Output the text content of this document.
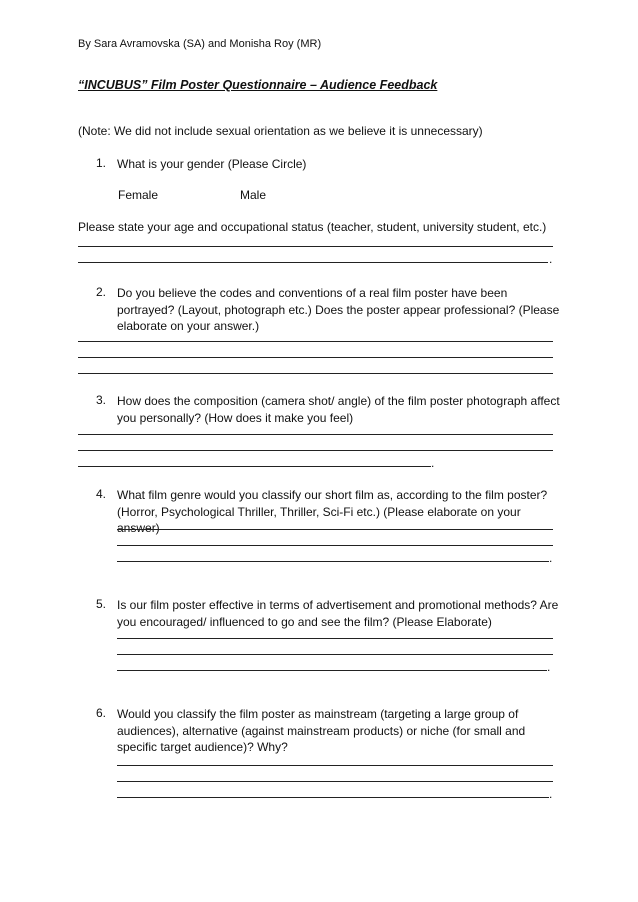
By Sara Avramovska (SA) and Monisha Roy (MR)
“INCUBUS” Film Poster Questionnaire – Audience Feedback
(Note: We did not include sexual orientation as we believe it is unnecessary)
1. What is your gender (Please Circle)
Female	Male
Please state your age and occupational status (teacher, student, university student, etc.)
.
2. Do you believe the codes and conventions of a real film poster have been portrayed? (Layout, photograph etc.) Does the poster appear professional? (Please elaborate on your answer.)
3. How does the composition (camera shot/ angle) of the film poster photograph affect you personally? (How does it make you feel)
.
4. What film genre would you classify our short film as, according to the film poster? (Horror, Psychological Thriller, Thriller, Sci-Fi etc.) (Please elaborate on your answer)
.
5. Is our film poster effective in terms of advertisement and promotional methods? Are you encouraged/ influenced to go and see the film? (Please Elaborate)
.
6. Would you classify the film poster as mainstream (targeting a large group of audiences), alternative (against mainstream products) or niche (for small and specific target audience)? Why?
.
